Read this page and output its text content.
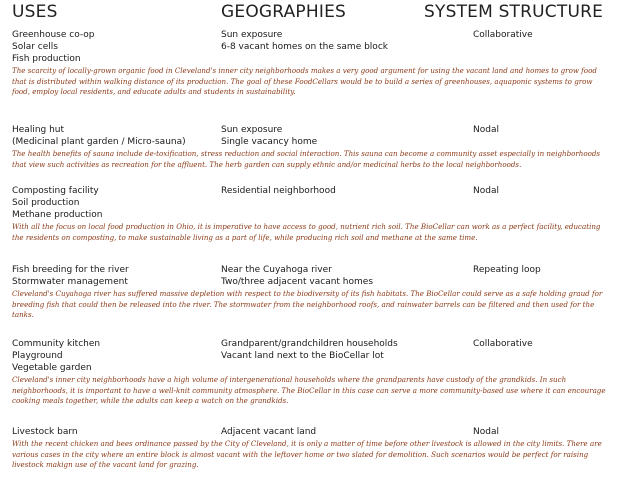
USES	GEOGRAPHIES	SYSTEM STRUCTURE
Greenhouse co-op	Sun exposure	Collaborative
Solar cells	6-8 vacant homes on the same block
Fish production
The scarcity of locally-grown organic food in Cleveland's inner city neighborhoods makes a very good argument for using the vacant land and homes to grow food that is distributed within walking distance of its production. The goal of these FoodCellars would be to build a series of greenhouses, aquaponic systems to grow food, employ local residents, and educate adults and students in sustainability.
Healing hut	Sun exposure	Nodal
(Medicinal plant garden / Micro-sauna)	Single vacancy home
The health benefits of sauna include de-toxification, stress reduction and social interaction. This sauna can become a community asset especially in neighborhoods that view such activities as recreation for the affluent. The herb garden can supply ethnic and/or medicinal herbs to the local neighborhoods.
Composting facility	Residential neighborhood	Nodal
Soil production
Methane production
With all the focus on local food production in Ohio, it is imperative to have access to good, nutrient rich soil. The BioCellar can work as a perfect facility, educating the residents on composting, to make sustainable living as a part of life, while producing rich soil and methane at the same time.
Fish breeding for the river	Near the Cuyahoga river	Repeating loop
Stormwater management	Two/three adjacent vacant homes
Cleveland's Cuyahoga river has suffered massive depletion with respect to the biodiversity of its fish habitats. The BioCellar could serve as a safe holding graud for breeding fish that could then be released into the river. The stormwater from the neighborhood roofs, and rainwater barrels can be filtered and then used for the tanks.
Community kitchen	Grandparent/grandchildren households	Collaborative
Playground	Vacant land next to the BioCellar lot
Vegetable garden
Cleveland's inner city neighborhoods have a high volume of intergenerational households where the grandparents have custody of the grandkids. In such neighborhoods, it is important to have a well-knit community atmosphere. The BioCellar in this case can serve a more community-based use where it can encourage cooking meals together, while the adults can keep a watch on the grandkids.
Livestock barn	Adjacent vacant land	Nodal
With the recent chicken and bees ordinance passed by the City of Cleveland, it is only a matter of time before other livestock is allowed in the city limits. There are various cases in the city where an entire block is almost vacant with the leftover home or two slated for demolition. Such scenarios would be perfect for raising livestock makign use of the vacant land for grazing.
